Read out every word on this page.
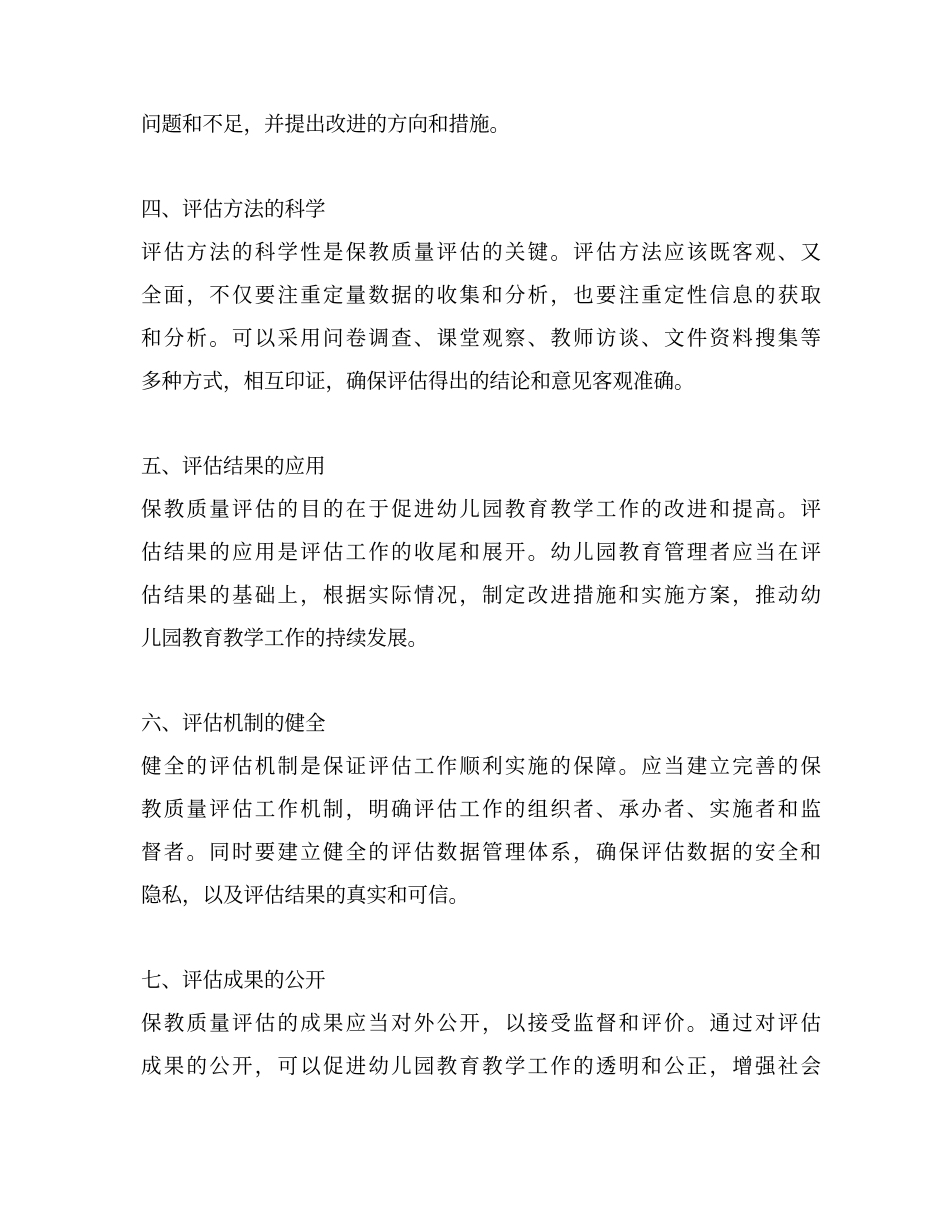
问题和不足，并提出改进的方向和措施。
四、评估方法的科学
评估方法的科学性是保教质量评估的关键。评估方法应该既客观、又
全面，不仅要注重定量数据的收集和分析，也要注重定性信息的获取
和分析。可以采用问卷调查、课堂观察、教师访谈、文件资料搜集等
多种方式，相互印证，确保评估得出的结论和意见客观准确。
五、评估结果的应用
保教质量评估的目的在于促进幼儿园教育教学工作的改进和提高。评
估结果的应用是评估工作的收尾和展开。幼儿园教育管理者应当在评
估结果的基础上，根据实际情况，制定改进措施和实施方案，推动幼
儿园教育教学工作的持续发展。
六、评估机制的健全
健全的评估机制是保证评估工作顺利实施的保障。应当建立完善的保
教质量评估工作机制，明确评估工作的组织者、承办者、实施者和监
督者。同时要建立健全的评估数据管理体系，确保评估数据的安全和
隐私，以及评估结果的真实和可信。
七、评估成果的公开
保教质量评估的成果应当对外公开，以接受监督和评价。通过对评估
成果的公开，可以促进幼儿园教育教学工作的透明和公正，增强社会
